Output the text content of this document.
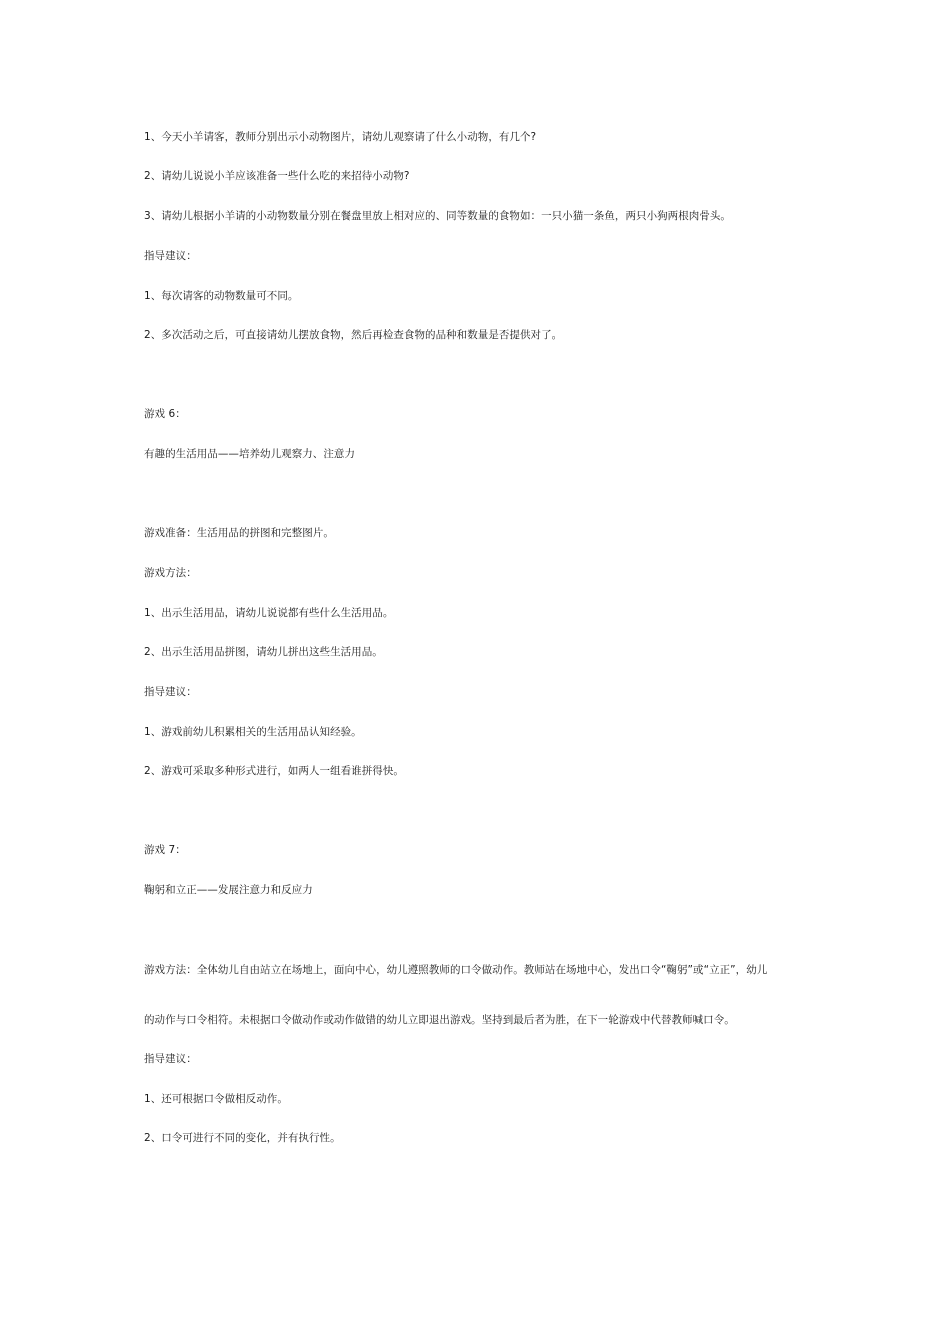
1、今天小羊请客，教师分别出示小动物图片，请幼儿观察请了什么小动物，有几个?
2、请幼儿说说小羊应该准备一些什么吃的来招待小动物?
3、请幼儿根据小羊请的小动物数量分别在餐盘里放上相对应的、同等数量的食物如：一只小猫一条鱼，两只小狗两根肉骨头。
指导建议：
1、每次请客的动物数量可不同。
2、多次活动之后，可直接请幼儿摆放食物，然后再检查食物的品种和数量是否提供对了。
游戏 6：
有趣的生活用品——培养幼儿观察力、注意力
游戏准备：生活用品的拼图和完整图片。
游戏方法：
1、出示生活用品，请幼儿说说都有些什么生活用品。
2、出示生活用品拼图，请幼儿拼出这些生活用品。
指导建议：
1、游戏前幼儿积累相关的生活用品认知经验。
2、游戏可采取多种形式进行，如两人一组看谁拼得快。
游戏 7：
鞠躬和立正——发展注意力和反应力
游戏方法：全体幼儿自由站立在场地上，面向中心，幼儿遵照教师的口令做动作。教师站在场地中心，发出口令“鞠躬”或“立正”，幼儿
的动作与口令相符。未根据口令做动作或动作做错的幼儿立即退出游戏。坚持到最后者为胜，在下一轮游戏中代替教师喊口令。
指导建议：
1、还可根据口令做相反动作。
2、口令可进行不同的变化，并有执行性。
